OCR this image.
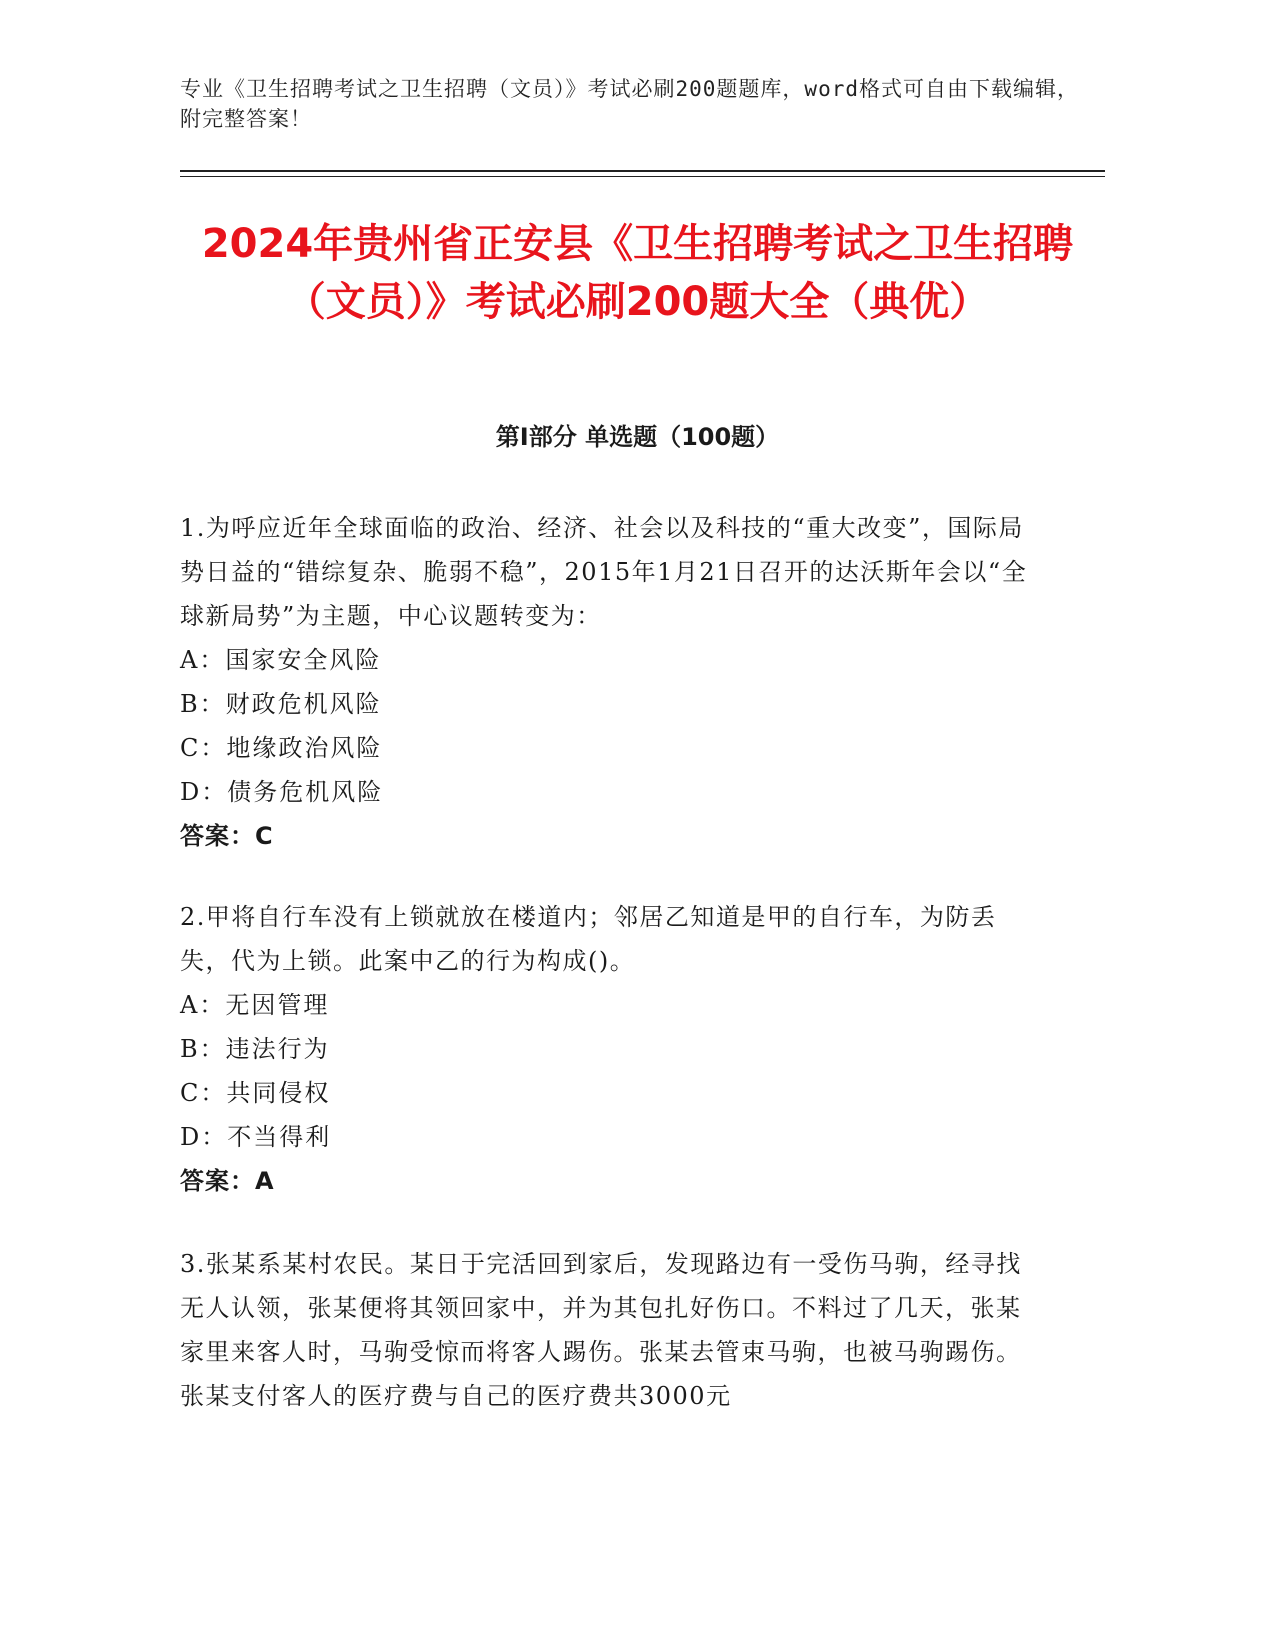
专业《卫生招聘考试之卫生招聘（文员）》考试必刷200题题库，word格式可自由下载编辑，附完整答案！
2024年贵州省正安县《卫生招聘考试之卫生招聘（文员）》考试必刷200题大全（典优）
第I部分 单选题（100题）

1.为呼应近年全球面临的政治、经济、社会以及科技的“重大改变”，国际局势日益的“错综复杂、脆弱不稳”，2015年1月21日召开的达沃斯年会以“全球新局势”为主题，中心议题转变为：

A：国家安全风险

B：财政危机风险

C：地缘政治风险

D：债务危机风险

答案：C

2.甲将自行车没有上锁就放在楼道内；邻居乙知道是甲的自行车，为防丢失，代为上锁。此案中乙的行为构成()。

A：无因管理

B：违法行为

C：共同侵权

D：不当得利

答案：A

3.张某系某村农民。某日于完活回到家后，发现路边有一受伤马驹，经寻找无人认领，张某便将其领回家中，并为其包扎好伤口。不料过了几天，张某家里来客人时，马驹受惊而将客人踢伤。张某去管束马驹，也被马驹踢伤。张某支付客人的医疗费与自己的医疗费共3000元
